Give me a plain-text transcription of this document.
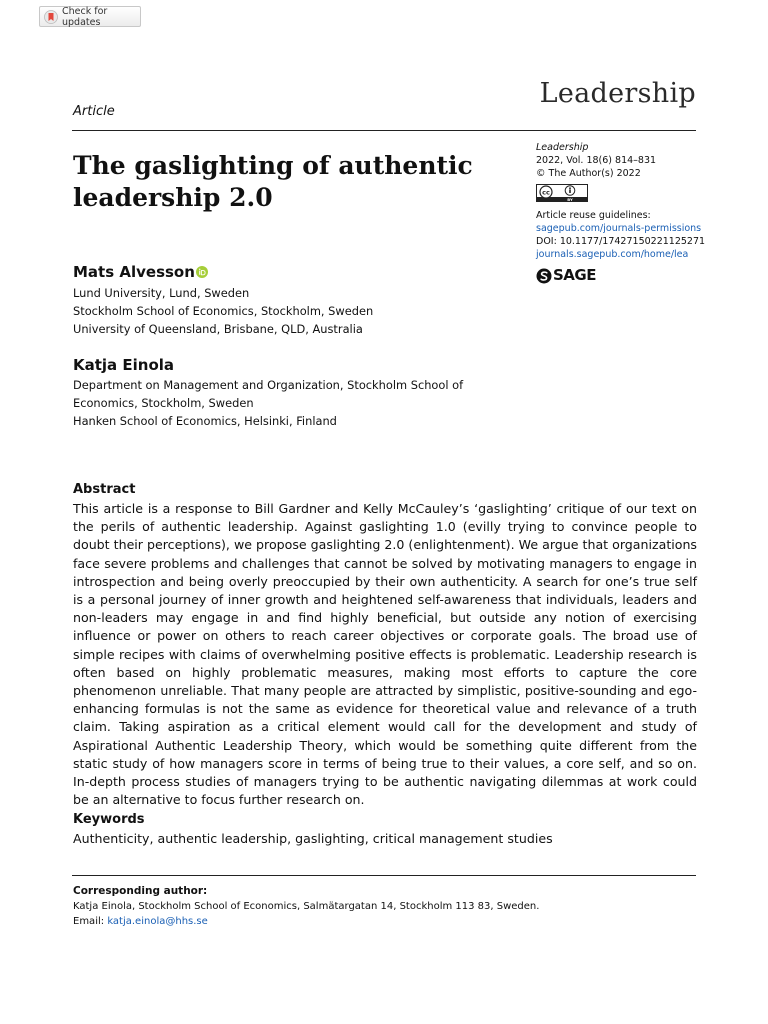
Check for updates
Leadership
Article
The gaslighting of authentic leadership 2.0
Leadership
2022, Vol. 18(6) 814–831
© The Author(s) 2022
cc
BY
Article reuse guidelines:
sagepub.com/journals-permissions
DOI: 10.1177/17427150221125271
journals.sagepub.com/home/lea
SAGE
Mats Alvesson
Lund University, Lund, Sweden
Stockholm School of Economics, Stockholm, Sweden
University of Queensland, Brisbane, QLD, Australia
Katja Einola
Department on Management and Organization, Stockholm School of
Economics, Stockholm, Sweden
Hanken School of Economics, Helsinki, Finland
Abstract
This article is a response to Bill Gardner and Kelly McCauley’s ‘gaslighting’ critique of our text on the perils of authentic leadership. Against gaslighting 1.0 (evilly trying to convince people to doubt their perceptions), we propose gaslighting 2.0 (enlightenment). We argue that organizations face severe problems and challenges that cannot be solved by motivating managers to engage in introspection and being overly preoccupied by their own authenticity. A search for one’s true self is a personal journey of inner growth and heightened self-awareness that individuals, leaders and non-leaders may engage in and find highly beneficial, but outside any notion of exercising influence or power on others to reach career objectives or corporate goals. The broad use of simple recipes with claims of overwhelming positive effects is problematic. Leadership research is often based on highly problematic measures, making most efforts to capture the core phenomenon unreliable. That many people are attracted by simplistic, positive-sounding and ego-enhancing formulas is not the same as evidence for theoretical value and relevance of a truth claim. Taking aspiration as a critical element would call for the development and study of Aspirational Authentic Leadership Theory, which would be something quite different from the static study of how managers score in terms of being true to their values, a core self, and so on. In-depth process studies of managers trying to be authentic navigating dilemmas at work could be an alternative to focus further research on.
Keywords
Authenticity, authentic leadership, gaslighting, critical management studies
Corresponding author:
Katja Einola, Stockholm School of Economics, Salmätargatan 14, Stockholm 113 83, Sweden.
Email: katja.einola@hhs.se
